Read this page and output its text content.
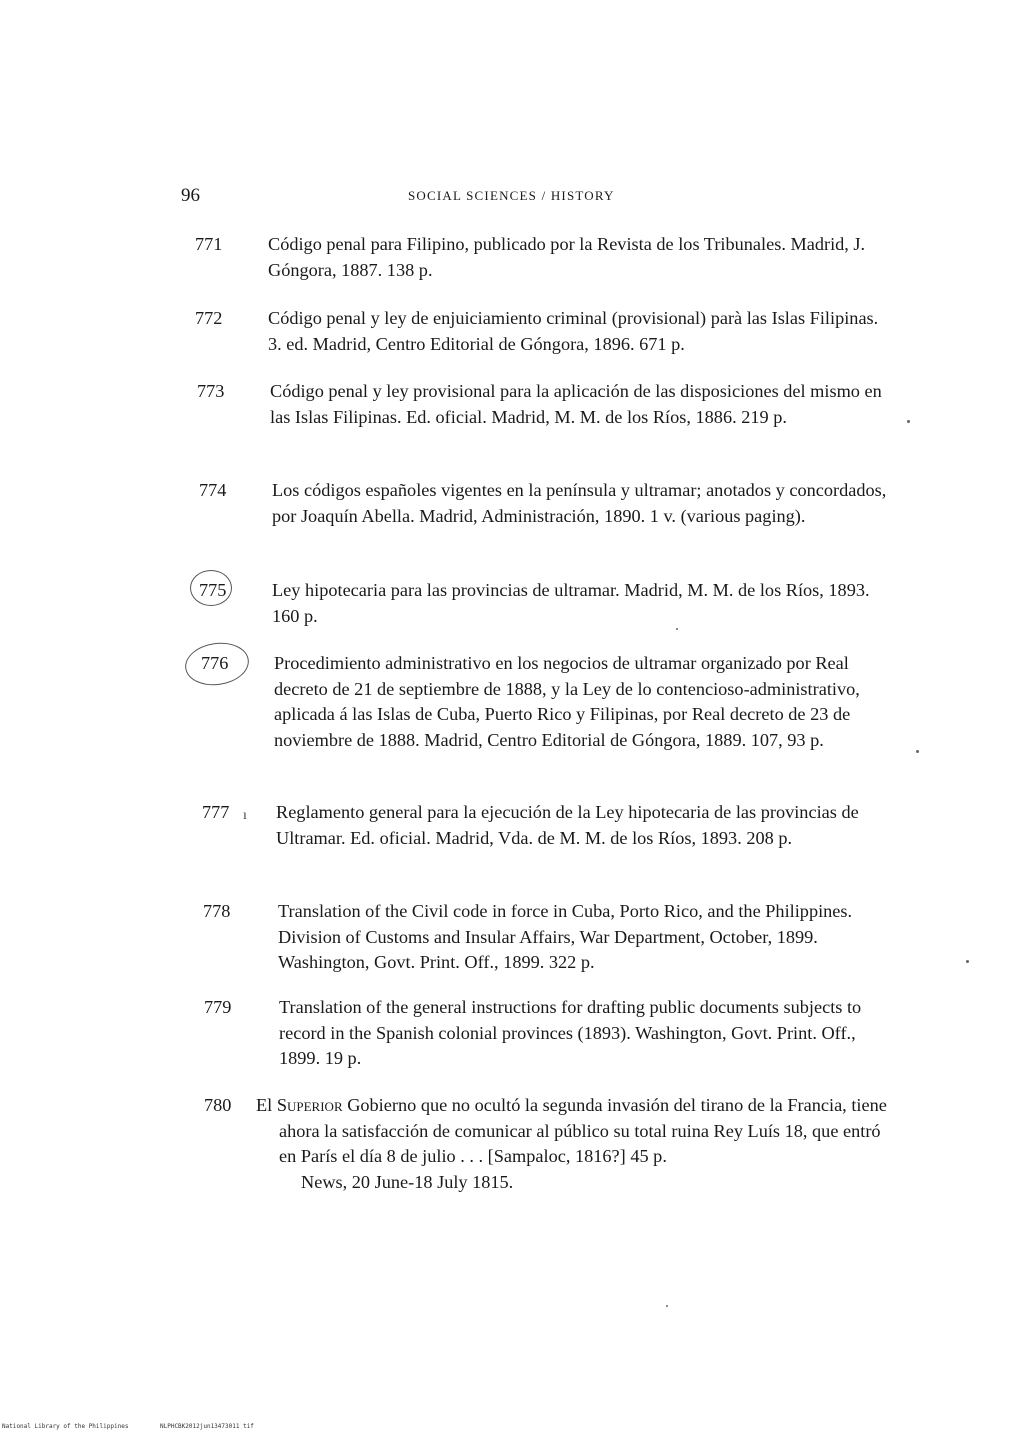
96	SOCIAL SCIENCES / HISTORY
771 Código penal para Filipino, publicado por la Revista de los Tribunales. Madrid, J. Góngora, 1887. 138 p.

772 Código penal y ley de enjuiciamiento criminal (provisional) parà las Islas Filipinas. 3. ed. Madrid, Centro Editorial de Góngora, 1896. 671 p.

773 Código penal y ley provisional para la aplicación de las disposiciones del mismo en las Islas Filipinas. Ed. oficial. Madrid, M. M. de los Ríos, 1886. 219 p.

774 Los códigos españoles vigentes en la península y ultramar; anotados y concordados, por Joaquín Abella. Madrid, Administración, 1890. 1 v. (various paging).

775 Ley hipotecaria para las provincias de ultramar. Madrid, M. M. de los Ríos, 1893. 160 p.

776 Procedimiento administrativo en los negocios de ultramar organizado por Real decreto de 21 de septiembre de 1888, y la Ley de lo contencioso-administrativo, aplicada á las Islas de Cuba, Puerto Rico y Filipinas, por Real decreto de 23 de noviembre de 1888. Madrid, Centro Editorial de Góngora, 1889. 107, 93 p.

ı
777	Reglamento general para la ejecución de la Ley hipotecaria de las provincias de Ultramar. Ed. oficial. Madrid, Vda. de M. M. de los Ríos, 1893. 208 p.

778	Translation of the Civil code in force in Cuba, Porto Rico, and the Philippines. Division of Customs and Insular Affairs, War Department, October, 1899. Washington, Govt. Print. Off., 1899. 322 p.

779	Translation of the general instructions for drafting public documents subjects to record in the Spanish colonial provinces (1893). Washington, Govt. Print. Off., 1899. 19 p.

780 El Superior Gobierno que no ocultó la segunda invasión del tirano de la Francia, tiene ahora la satisfacción de comunicar al público su total ruina Rey Luís 18, que entró en París el día 8 de julio . . . [Sampaloc, 1816?] 45 p.

News, 20 June-18 July 1815.

National Library of the Philippines	NLPHCBK2012jun13473011 tif
